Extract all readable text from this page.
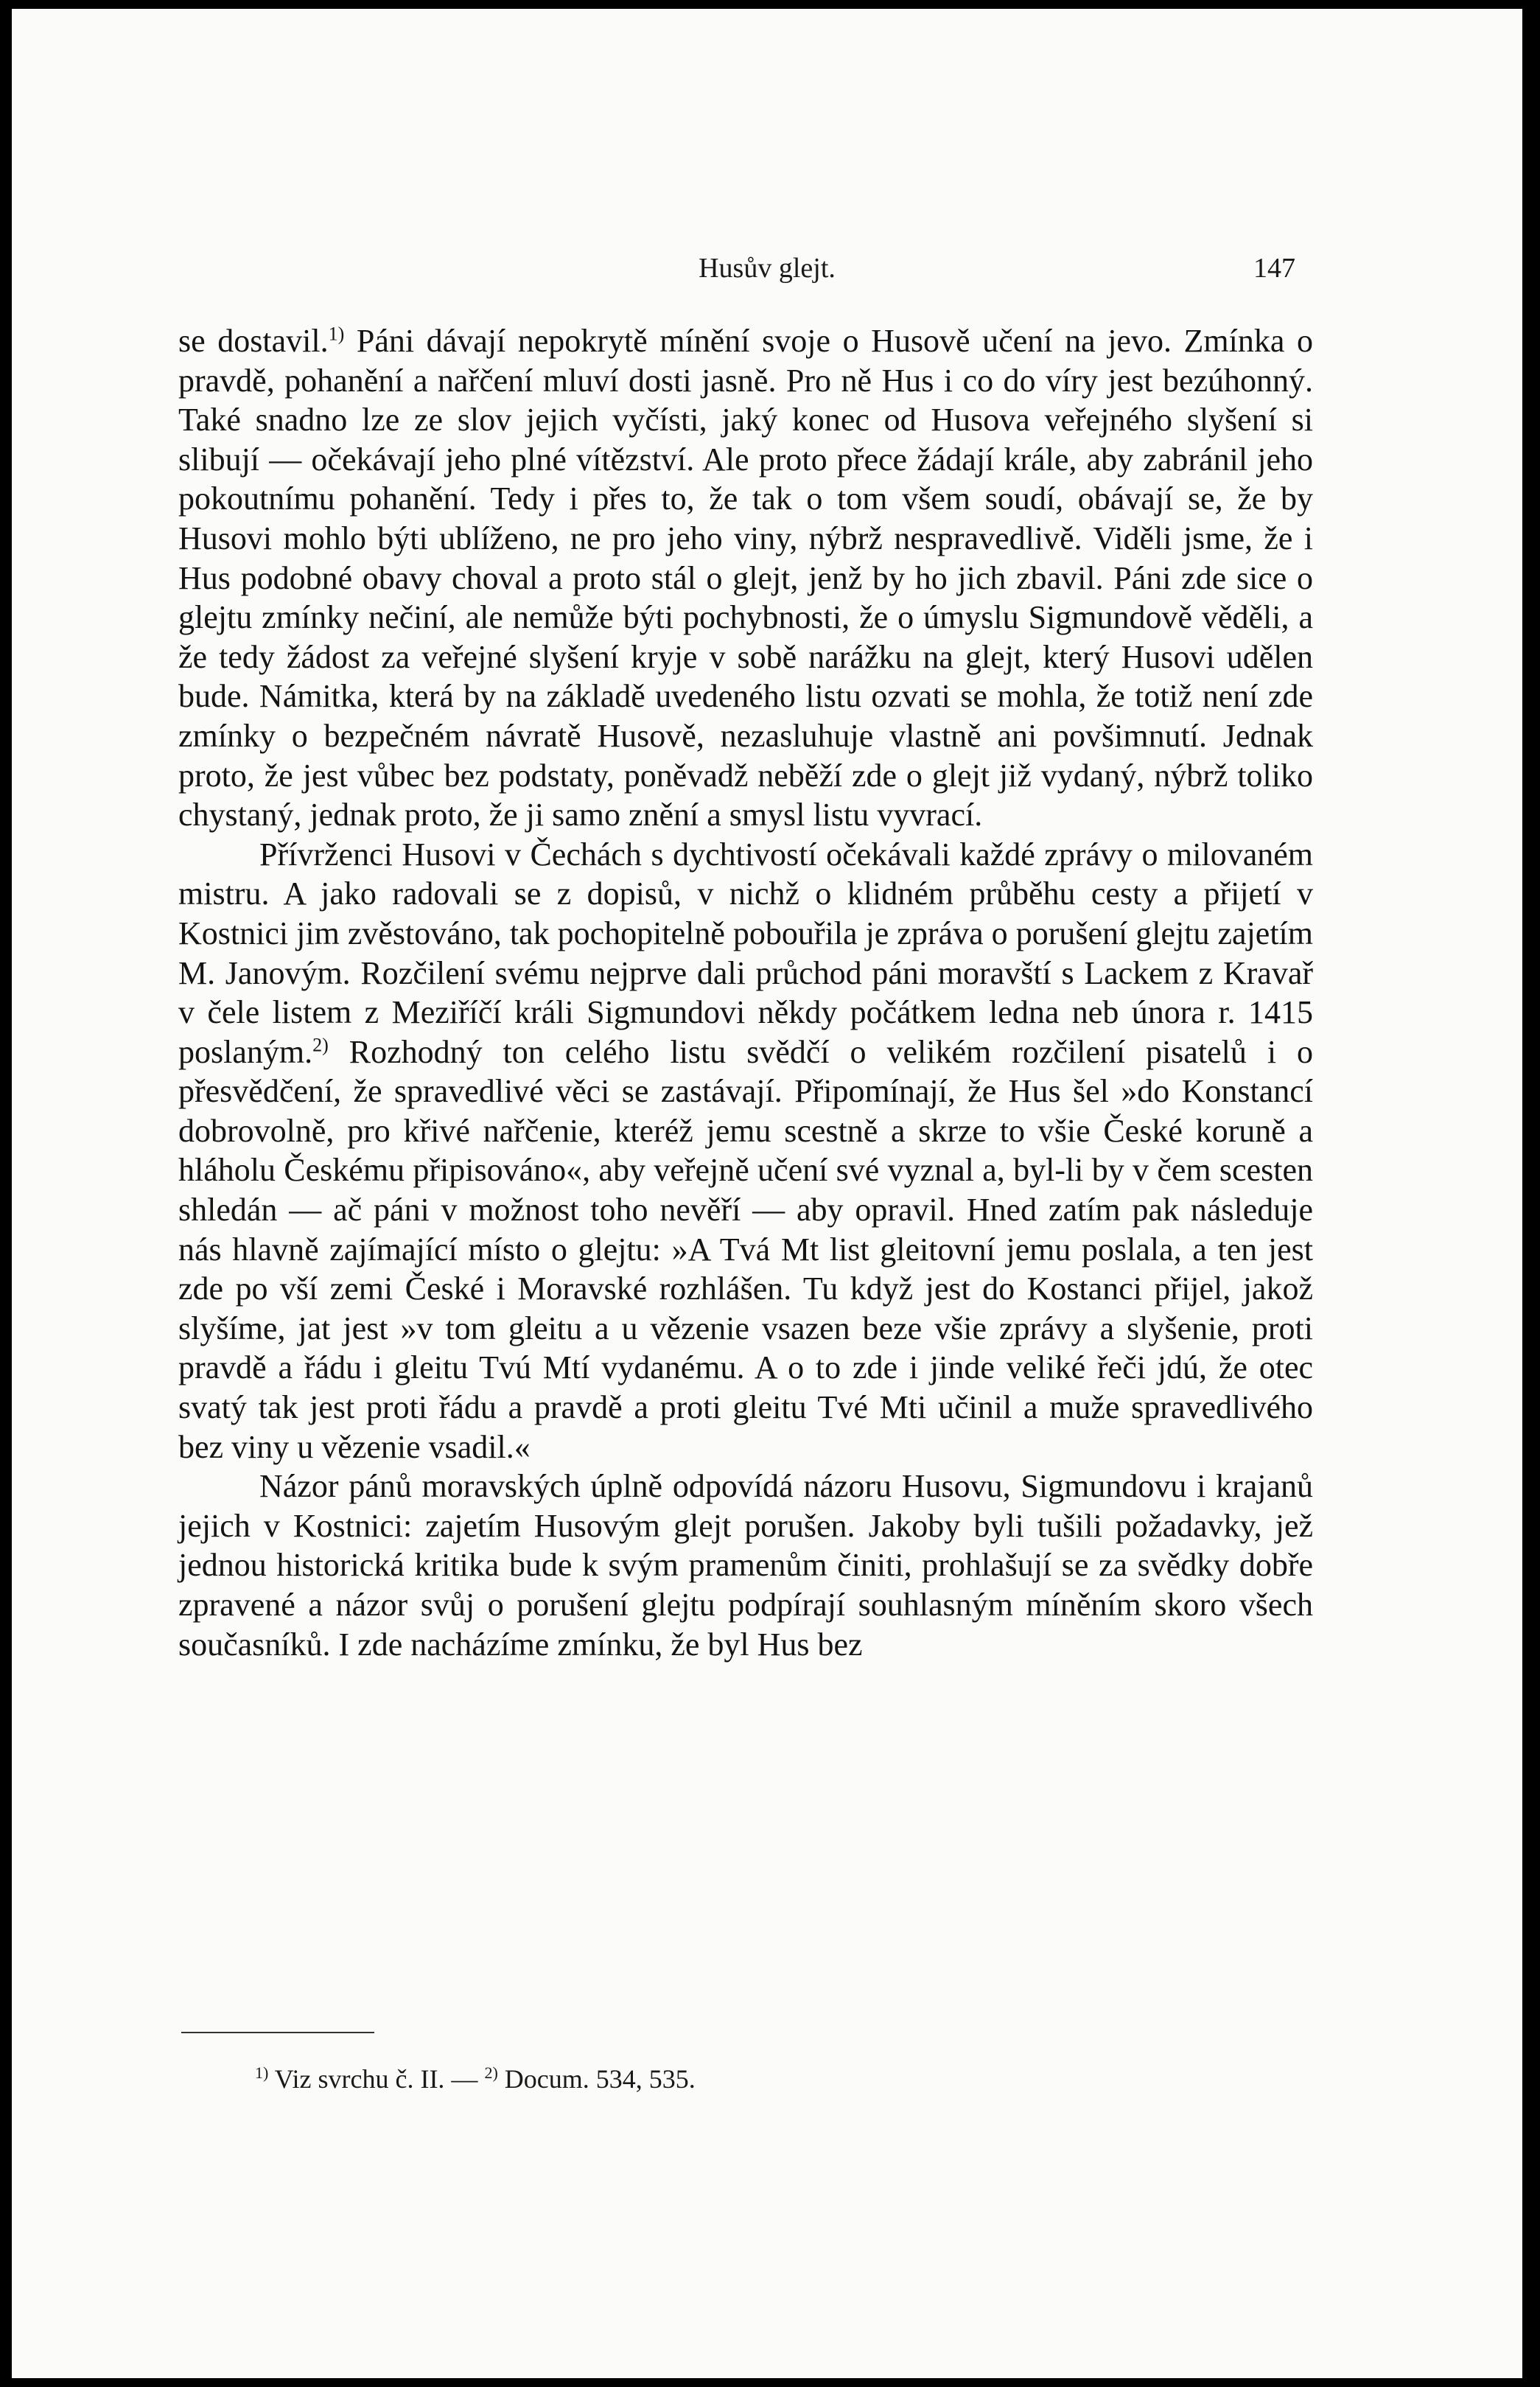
Husův glejt.	147

se dostavil.$^{1)}$ Páni dávají nepokrytě mínění svoje o Husově učení na jevo. Zmínka o pravdě, pohanění a nařčení mluví dosti jasně. Pro ně Hus i co do víry jest bezúhonný. Také snadno lze ze slov jejich vyčísti, jaký konec od Husova veřejného slyšení si slibují — očekávají jeho plné vítězství. Ale proto přece žádají krále, aby zabránil jeho pokoutnímu pohanění. Tedy i přes to, že tak o tom všem soudí, obávají se, že by Husovi mohlo býti ublíženo, ne pro jeho viny, nýbrž nespravedlivě. Viděli jsme, že i Hus podobné obavy choval a proto stál o glejt, jenž by ho jich zbavil. Páni zde sice o glejtu zmínky nečiní, ale nemůže býti pochybnosti, že o úmyslu Sigmundově věděli, a že tedy žádost za veřejné slyšení kryje v sobě narážku na glejt, který Husovi udělen bude. Námitka, která by na základě uvedeného listu ozvati se mohla, že totiž není zde zmínky o bezpečném návratě Husově, nezasluhuje vlastně ani povšimnutí. Jednak proto, že jest vůbec bez podstaty, poněvadž neběží zde o glejt již vydaný, nýbrž toliko chystaný, jednak proto, že ji samo znění a smysl listu vyvrací.

Přívrženci Husovi v Čechách s dychtivostí očekávali každé zprávy o milovaném mistru. A jako radovali se z dopisů, v nichž o klidném průběhu cesty a přijetí v Kostnici jim zvěstováno, tak pochopitelně pobouřila je zpráva o porušení glejtu zajetím M. Janovým. Rozčilení svému nejprve dali průchod páni moravští s Lackem z Kravař v čele listem z Meziříčí králi Sigmundovi někdy počátkem ledna neb února r. 1415 poslaným.$^{2)}$ Rozhodný ton celého listu svědčí o velikém rozčilení pisatelů i o přesvědčení, že spravedlivé věci se zastávají. Připomínají, že Hus šel »do Konstancí dobrovolně, pro křivé nařčenie, kteréž jemu scestně a skrze to všie České koruně a hláholu Českému připisováno«, aby veřejně učení své vyznal a, byl-li by v čem scesten shledán — ač páni v možnost toho nevěří — aby opravil. Hned zatím pak následuje nás hlavně zajímající místo o glejtu: »A Tvá Mt list gleitovní jemu poslala, a ten jest zde po vší zemi České i Moravské rozhlášen. Tu když jest do Kostanci přijel, jakož slyšíme, jat jest »v tom gleitu a u vězenie vsazen beze všie zprávy a slyšenie, proti pravdě a řádu i gleitu Tvú Mtí vydanému. A o to zde i jinde veliké řeči jdú, že otec svatý tak jest proti řádu a pravdě a proti gleitu Tvé Mti učinil a muže spravedlivého bez viny u vězenie vsadil.«

Názor pánů moravských úplně odpovídá názoru Husovu, Sigmundovu i krajanů jejich v Kostnici: zajetím Husovým glejt porušen. Jakoby byli tušili požadavky, jež jednou historická kritika bude k svým pramenům činiti, prohlašují se za svědky dobře zpravené a názor svůj o porušení glejtu podpírají souhlasným míněním skoro všech současníků. I zde nacházíme zmínku, že byl Hus bez

$^{1)}$ Viz svrchu č. II. — $^{2)}$ Docum. 534, 535.
